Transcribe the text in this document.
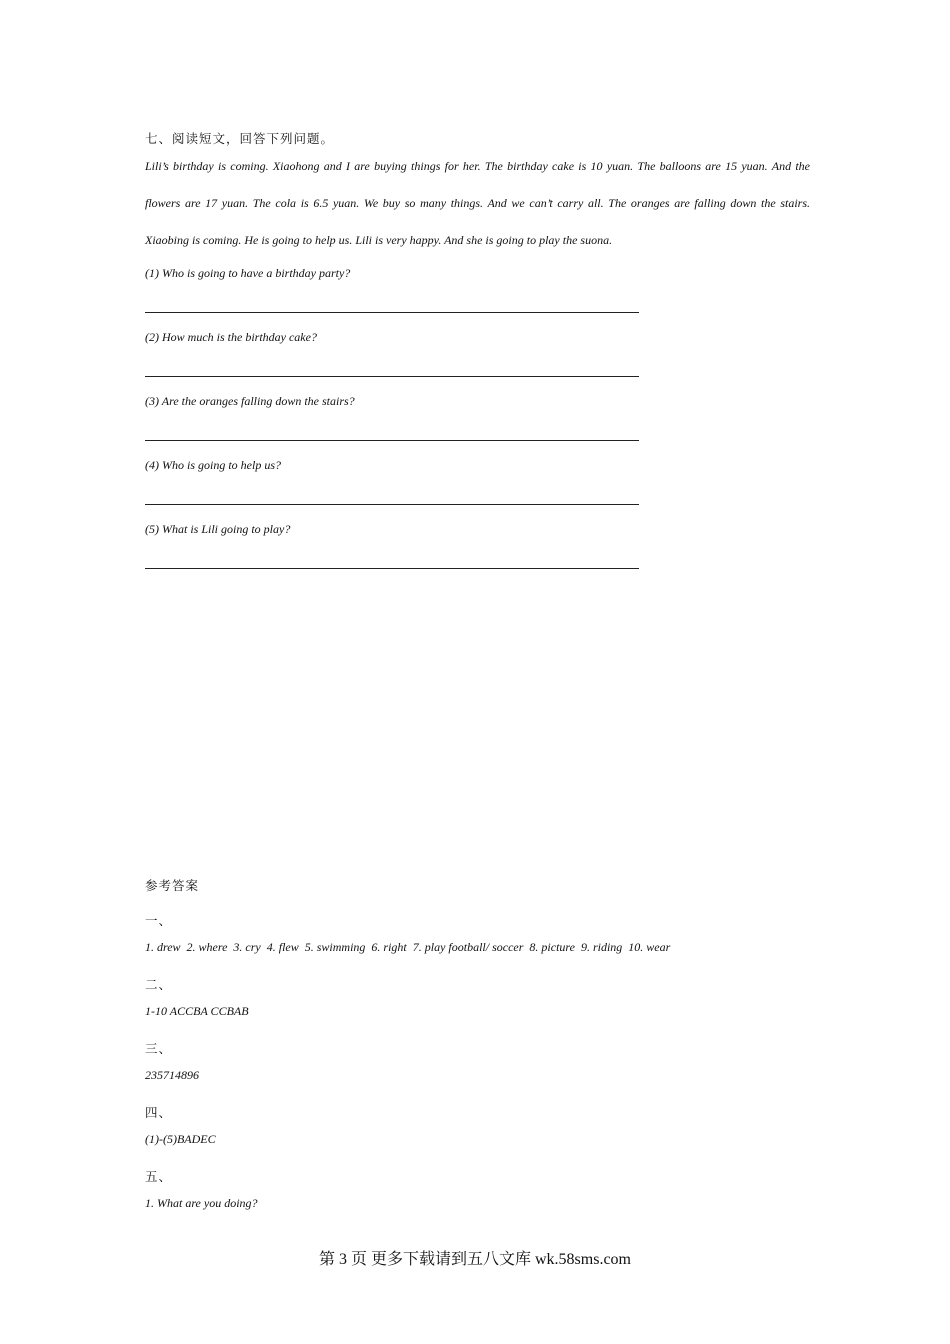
七、阅读短文，回答下列问题。
Lili’s birthday is coming. Xiaohong and I are buying things for her. The birthday cake is 10 yuan. The balloons are 15 yuan. And the flowers are 17 yuan. The cola is 6.5 yuan. We buy so many things. And we can’t carry all. The oranges are falling down the stairs. Xiaobing is coming. He is going to help us. Lili is very happy. And she is going to play the suona.
(1) Who is going to have a birthday party?
(2) How much is the birthday cake?
(3) Are the oranges falling down the stairs?
(4) Who is going to help us?
(5) What is Lili going to play?
参考答案
一、
1. drew  2. where  3. cry  4. flew  5. swimming  6. right  7. play football/ soccer  8. picture  9. riding  10. wear
二、
1-10 ACCBA CCBAB
三、
235714896
四、
(1)-(5)BADEC
五、
1. What are you doing?
第 3 页 更多下载请到五八文库 wk.58sms.com
